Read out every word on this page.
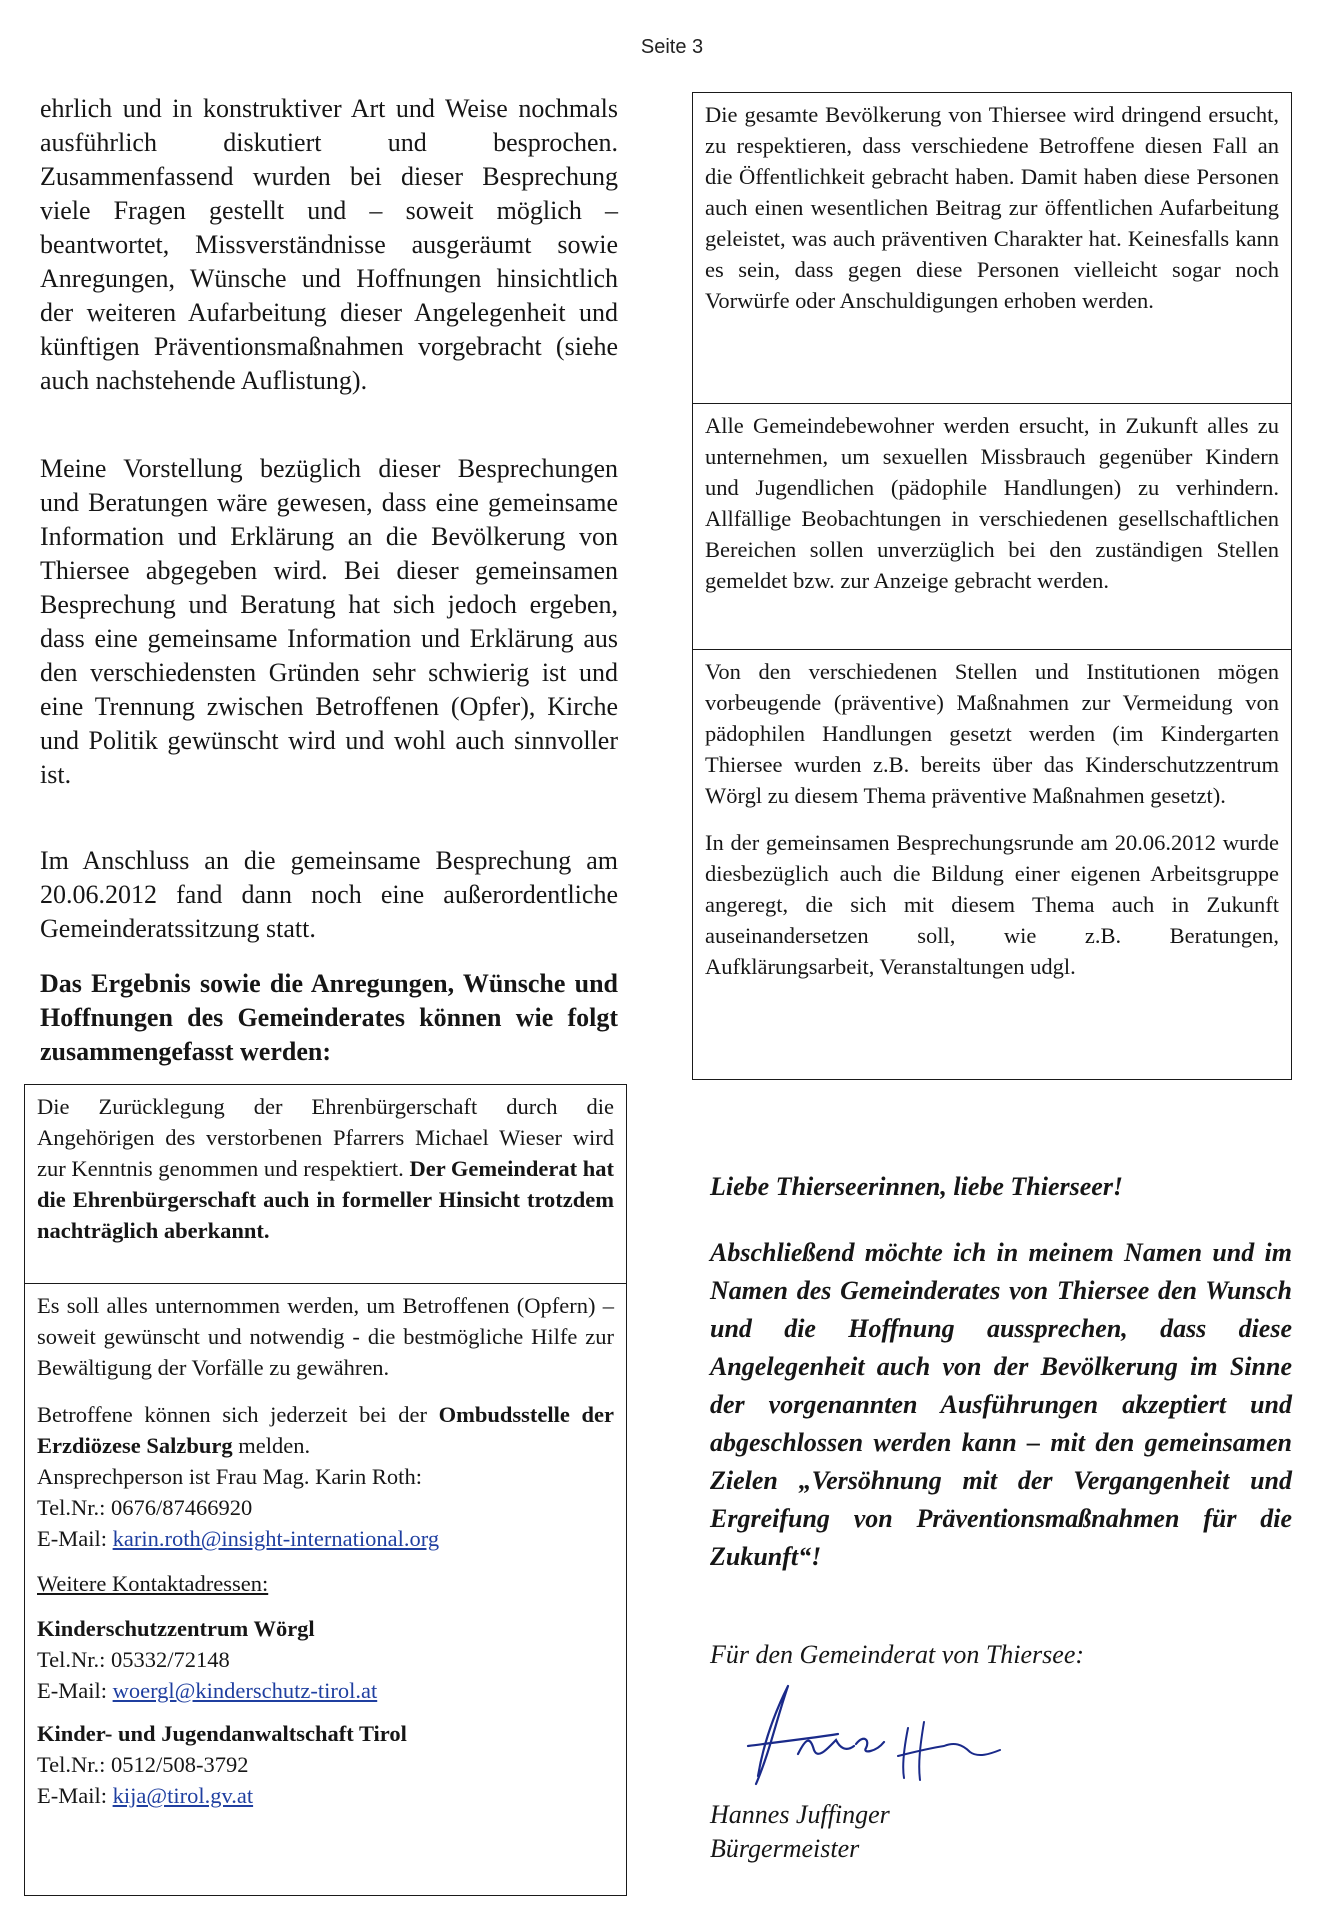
Seite 3

ehrlich und in konstruktiver Art und Weise nochmals ausführlich diskutiert und besprochen. Zusammenfassend wurden bei dieser Besprechung viele Fragen gestellt und – soweit möglich – beantwortet, Missverständnisse ausgeräumt sowie Anregungen, Wünsche und Hoffnungen hinsichtlich der weiteren Aufarbeitung dieser Angelegenheit und künftigen Präventionsmaßnahmen vorgebracht (siehe auch nachstehende Auflistung).

Meine Vorstellung bezüglich dieser Besprechungen und Beratungen wäre gewesen, dass eine gemeinsame Information und Erklärung an die Bevölkerung von Thiersee abgegeben wird. Bei dieser gemeinsamen Besprechung und Beratung hat sich jedoch ergeben, dass eine gemeinsame Information und Erklärung aus den verschiedensten Gründen sehr schwierig ist und eine Trennung zwischen Betroffenen (Opfer), Kirche und Politik gewünscht wird und wohl auch sinnvoller ist.

Im Anschluss an die gemeinsame Besprechung am 20.06.2012 fand dann noch eine außerordentliche Gemeinderatssitzung statt.

Das Ergebnis sowie die Anregungen, Wünsche und Hoffnungen des Gemeinderates können wie folgt zusammengefasst werden:

Die Zurücklegung der Ehrenbürgerschaft durch die Angehörigen des verstorbenen Pfarrers Michael Wieser wird zur Kenntnis genommen und respektiert. Der Gemeinderat hat die Ehrenbürgerschaft auch in formeller Hinsicht trotzdem nachträglich aberkannt.

Es soll alles unternommen werden, um Betroffenen (Opfern) – soweit gewünscht und notwendig - die bestmögliche Hilfe zur Bewältigung der Vorfälle zu gewähren.

Betroffene können sich jederzeit bei der Ombudsstelle der Erzdiözese Salzburg melden.

Ansprechperson ist Frau Mag. Karin Roth:

Tel.Nr.: 0676/87466920

E-Mail: karin.roth@insight-international.org

Weitere Kontaktadressen:

Kinderschutzzentrum Wörgl

Tel.Nr.: 05332/72148

E-Mail: woergl@kinderschutz-tirol.at

Kinder- und Jugendanwaltschaft Tirol

Tel.Nr.: 0512/508-3792

E-Mail: kija@tirol.gv.at

Die gesamte Bevölkerung von Thiersee wird dringend ersucht, zu respektieren, dass verschiedene Betroffene diesen Fall an die Öffentlichkeit gebracht haben. Damit haben diese Personen auch einen wesentlichen Beitrag zur öffentlichen Aufarbeitung geleistet, was auch präventiven Charakter hat. Keinesfalls kann es sein, dass gegen diese Personen vielleicht sogar noch Vorwürfe oder Anschuldigungen erhoben werden.

Alle Gemeindebewohner werden ersucht, in Zukunft alles zu unternehmen, um sexuellen Missbrauch gegenüber Kindern und Jugendlichen (pädophile Handlungen) zu verhindern. Allfällige Beobachtungen in verschiedenen gesellschaftlichen Bereichen sollen unverzüglich bei den zuständigen Stellen gemeldet bzw. zur Anzeige gebracht werden.

Von den verschiedenen Stellen und Institutionen mögen vorbeugende (präventive) Maßnahmen zur Vermeidung von pädophilen Handlungen gesetzt werden (im Kindergarten Thiersee wurden z.B. bereits über das Kinderschutzzentrum Wörgl zu diesem Thema präventive Maßnahmen gesetzt).

In der gemeinsamen Besprechungsrunde am 20.06.2012 wurde diesbezüglich auch die Bildung einer eigenen Arbeitsgruppe angeregt, die sich mit diesem Thema auch in Zukunft auseinandersetzen soll, wie z.B. Beratungen, Aufklärungsarbeit, Veranstaltungen udgl.

Liebe Thierseerinnen, liebe Thierseer!

Abschließend möchte ich in meinem Namen und im Namen des Gemeinderates von Thiersee den Wunsch und die Hoffnung aussprechen, dass diese Angelegenheit auch von der Bevölkerung im Sinne der vorgenannten Ausführungen akzeptiert und abgeschlossen werden kann – mit den gemeinsamen Zielen „Versöhnung mit der Vergangenheit und Ergreifung von Präventionsmaßnahmen für die Zukunft“!

Für den Gemeinderat von Thiersee:

Hannes Juffinger

Bürgermeister
